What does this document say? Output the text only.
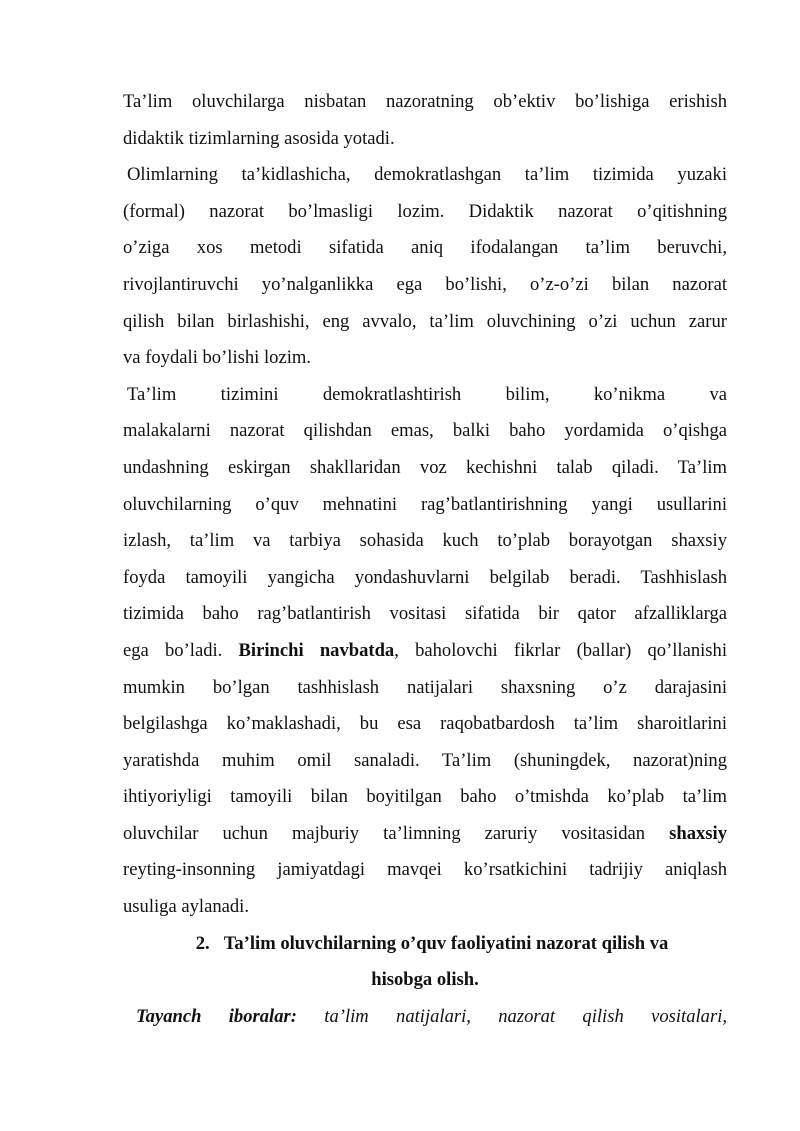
Ta’lim oluvchilarga nisbatan nazoratning ob’ektiv bo’lishiga erishish
didaktik tizimlarning asosida yotadi.
Olimlarning ta’kidlashicha, demokratlashgan ta’lim tizimida yuzaki
(formal) nazorat bo’lmasligi lozim. Didaktik nazorat o’qitishning
o’ziga xos metodi sifatida aniq ifodalangan ta’lim beruvchi,
rivojlantiruvchi yo’nalganlikka ega bo’lishi, o’z-o’zi bilan nazorat
qilish bilan birlashishi, eng avvalo, ta’lim oluvchining o’zi uchun zarur
va foydali bo’lishi lozim.
Ta’lim tizimini demokratlashtirish bilim, ko’nikma va
malakalarni nazorat qilishdan emas, balki baho yordamida o’qishga
undashning eskirgan shakllaridan voz kechishni talab qiladi. Ta’lim
oluvchilarning o’quv mehnatini rag’batlantirishning yangi usullarini
izlash, ta’lim va tarbiya sohasida kuch to’plab borayotgan shaxsiy
foyda tamoyili yangicha yondashuvlarni belgilab beradi. Tashhislash
tizimida baho rag’batlantirish vositasi sifatida bir qator afzalliklarga
ega bo’ladi. Birinchi navbatda, baholovchi fikrlar (ballar) qo’llanishi
mumkin bo’lgan tashhislash natijalari shaxsning o’z darajasini
belgilashga ko’maklashadi, bu esa raqobatbardosh ta’lim sharoitlarini
yaratishda muhim omil sanaladi. Ta’lim (shuningdek, nazorat)ning
ihtiyoriyligi tamoyili bilan boyitilgan baho o’tmishda ko’plab ta’lim
oluvchilar uchun majburiy ta’limning zaruriy vositasidan shaxsiy
reyting-insonning jamiyatdagi mavqei ko’rsatkichini tadrijiy aniqlash
usuliga aylanadi.
2. Ta’lim oluvchilarning o’quv faoliyatini nazorat qilish va
hisobga olish.
Tayanch iboralar: ta’lim natijalari, nazorat qilish vositalari,
